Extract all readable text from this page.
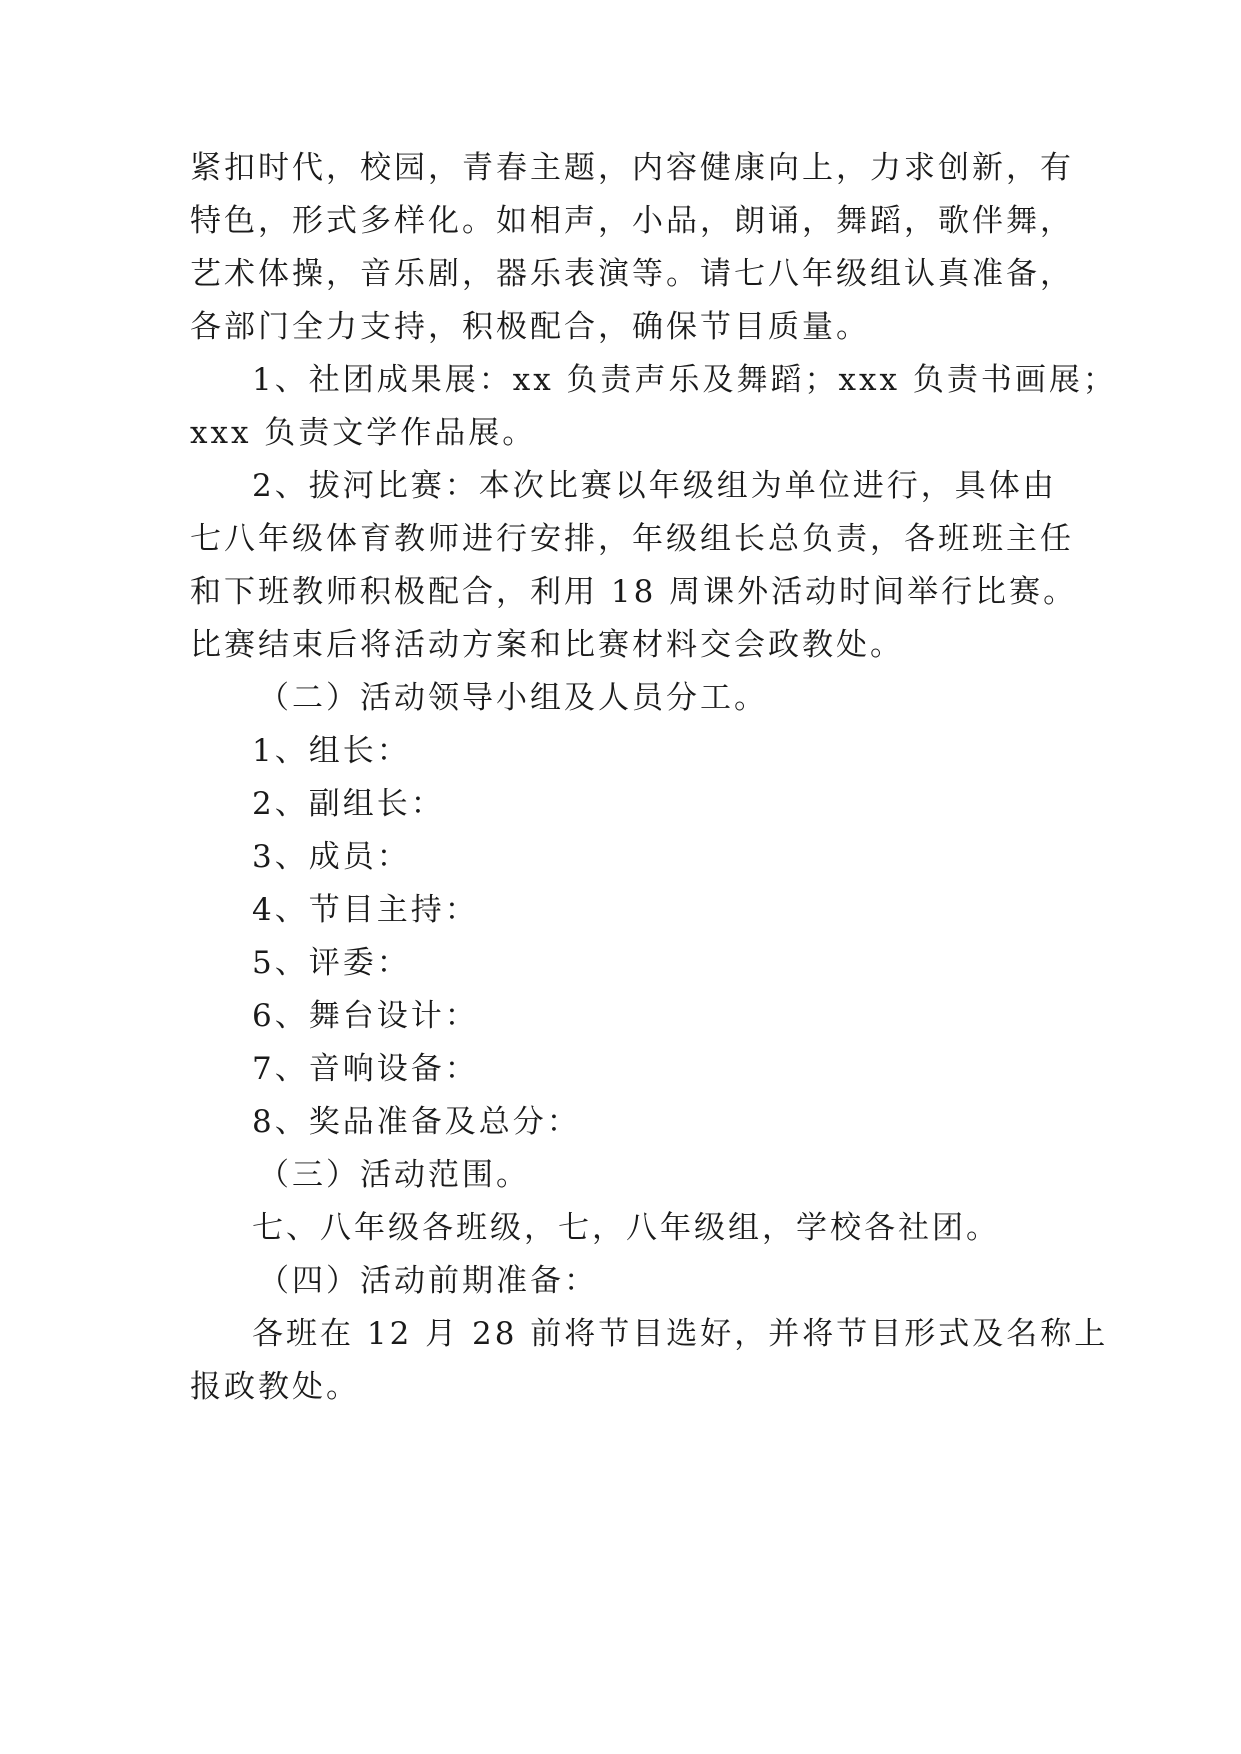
紧扣时代，校园，青春主题，内容健康向上，力求创新，有
特色，形式多样化。如相声，小品，朗诵，舞蹈，歌伴舞，
艺术体操，音乐剧，器乐表演等。请七八年级组认真准备，
各部门全力支持，积极配合，确保节目质量。
1、社团成果展：xx 负责声乐及舞蹈；xxx 负责书画展；
xxx 负责文学作品展。
2、拔河比赛：本次比赛以年级组为单位进行，具体由
七八年级体育教师进行安排，年级组长总负责，各班班主任
和下班教师积极配合，利用 18 周课外活动时间举行比赛。
比赛结束后将活动方案和比赛材料交会政教处。
（二）活动领导小组及人员分工。
1、组长：
2、副组长：
3、成员：
4、节目主持：
5、评委：
6、舞台设计：
7、音响设备：
8、奖品准备及总分：
（三）活动范围。
七、八年级各班级，七，八年级组，学校各社团。
（四）活动前期准备：
各班在 12 月 28 前将节目选好，并将节目形式及名称上
报政教处。
